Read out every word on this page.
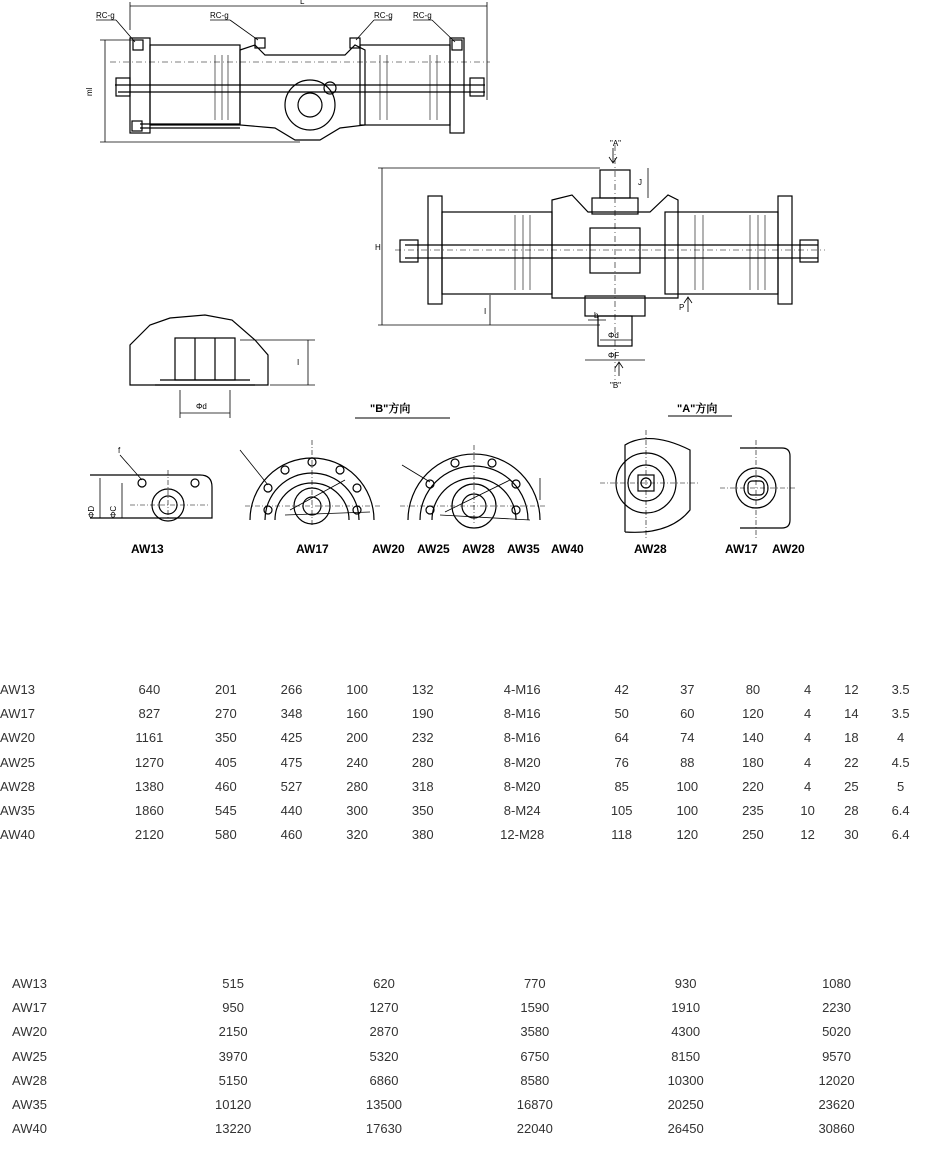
L
ml
RC-g	RC-g	RC-g	RC-g
"A"
J
H
I	b
Φd
ΦF
P
"B"
I
Φd	"B"方向	"A"方向
f
ΦD ΦC
AW13	AW17	AW20 AW25 AW28 AW35 AW40	AW28	AW17 AW20
AW13	640	201	266	100	132	4-M16	42	37	80	4	12	3.5
AW17	827	270	348	160	190	8-M16	50	60	120	4	14	3.5
AW20	1161	350	425	200	232	8-M16	64	74	140	4	18	4
AW25	1270	405	475	240	280	8-M20	76	88	180	4	22	4.5
AW28	1380	460	527	280	318	8-M20	85	100	220	4	25	5
AW35	1860	545	440	300	350	8-M24	105	100	235	10	28	6.4
AW40	2120	580	460	320	380	12-M28	118	120	250	12	30	6.4
AW13	515	620	770	930	1080
AW17	950	1270	1590	1910	2230
AW20	2150	2870	3580	4300	5020
AW25	3970	5320	6750	8150	9570
AW28	5150	6860	8580	10300	12020
AW35	10120	13500	16870	20250	23620
AW40	13220	17630	22040	26450	30860
